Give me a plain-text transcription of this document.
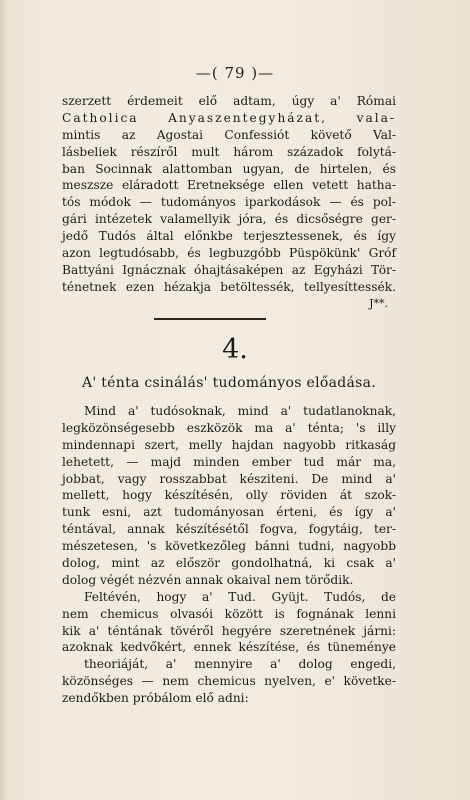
—( 79 )—
szerzett érdemeit elő adtam, úgy a' Római
Catholica Anyaszentegyházat, vala-
mintis az Agostai Confessiót követő Val-
lásbeliek részíről mult három századok folytá-
ban Socinnak alattomban ugyan, de hirtelen, és
meszsze eláradott Eretneksége ellen vetett hatha-
tós módok — tudományos iparkodások — és pol-
gári intézetek valamellyik jóra, és dicsőségre ger-
jedő Tudós által előnkbe terjesztessenek, és így
azon legtudósabb, és legbuzgóbb Püspökünk' Gróf
Battyáni Ignácznak óhajtásaképen az Egyházi Tör-
ténetnek ezen hézakja betöltessék, tellyesíttessék.
J**.
4.
A' ténta csinálás' tudományos előadása.
Mind a' tudósoknak, mind a' tudatlanoknak,
legközönségesebb eszközök ma a' ténta; 's illy
mindennapi szert, melly hajdan nagyobb ritkaság
lehetett, — majd minden ember tud már ma,
jobbat, vagy rosszabbat késziteni. De mind a'
mellett, hogy készítésén, olly röviden át szok-
tunk esni, azt tudományosan érteni, és így a'
téntával, annak készítésétől fogva, fogytáig, ter-
mészetesen, 's következőleg bánni tudni, nagyobb
dolog, mint az először gondolhatná, ki csak a'
dolog végét nézvén annak okaival nem törődik.
Feltévén, hogy a' Tud. Gyüjt. Tudós, de
nem chemicus olvasói között is fognának lenni
kik a' téntának tövéről hegyére szeretnének járni:
azoknak kedvőkért, ennek készítése, és tüneménye
theoriáját, a' mennyire a' dolog engedi,
közönséges — nem chemicus nyelven, e' követke-
zendőkben próbálom elő adni:
